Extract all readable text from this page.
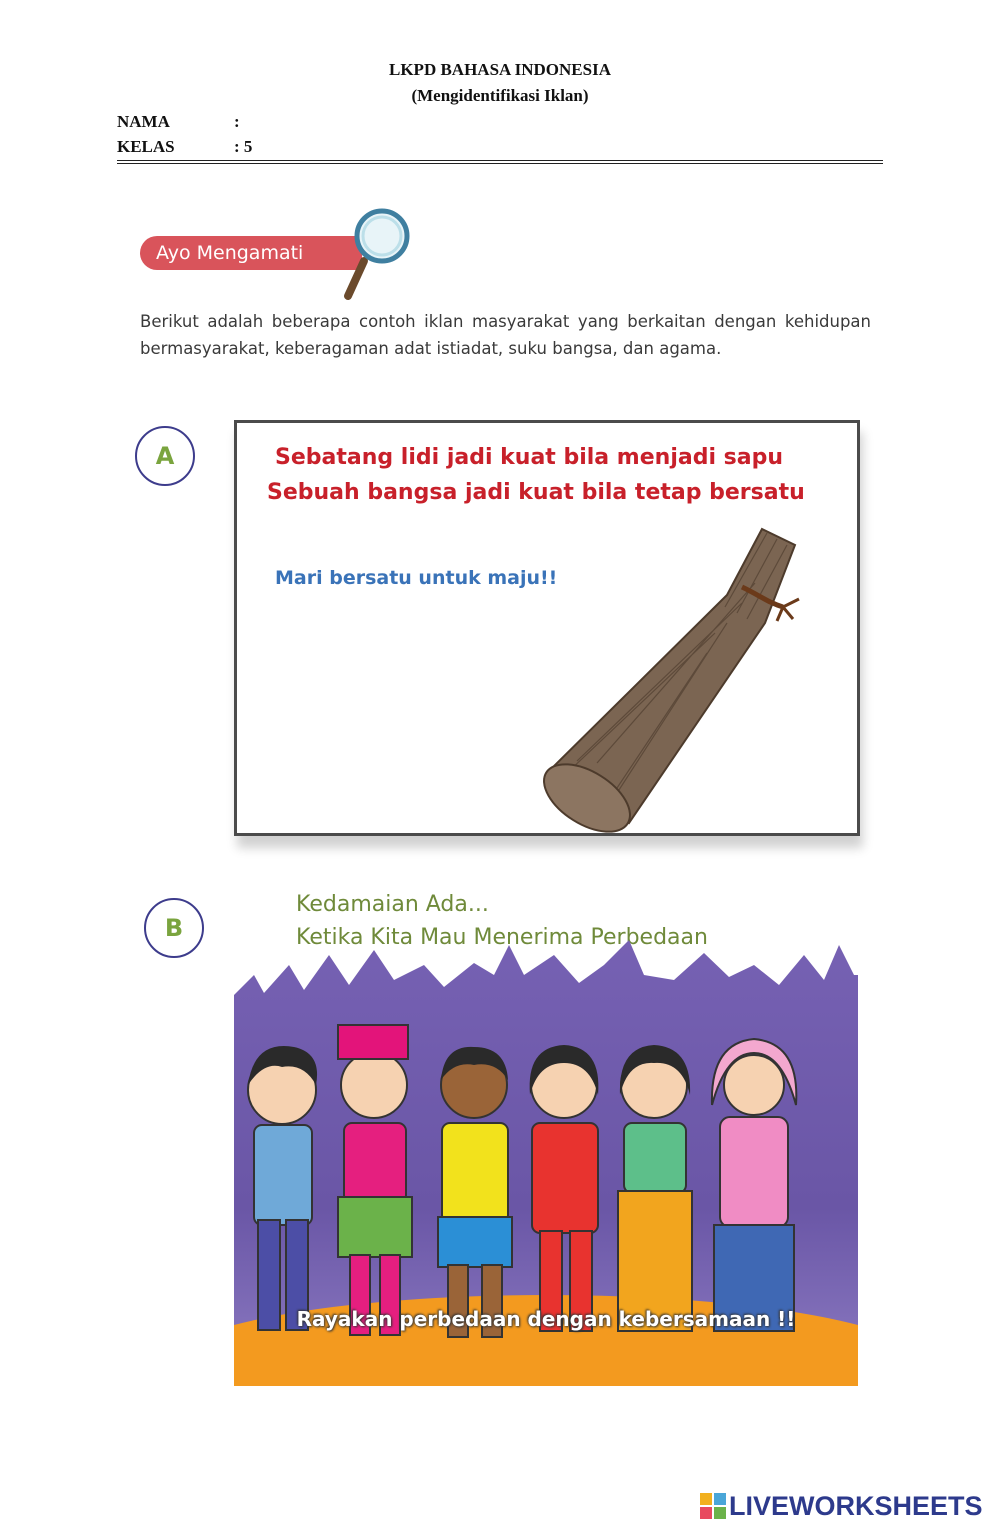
LKPD BAHASA INDONESIA
(Mengidentifikasi Iklan)
NAMA	:
KELAS	: 5
Ayo Mengamati
Berikut adalah beberapa contoh iklan masyarakat yang berkaitan dengan kehidupan bermasyarakat, keberagaman adat istiadat, suku bangsa, dan agama.
A	Sebatang lidi jadi kuat bila menjadi sapu
Sebuah bangsa jadi kuat bila tetap bersatu
Mari bersatu untuk maju!!
B
Kedamaian Ada...
Ketika Kita Mau Menerima Perbedaan
Rayakan perbedaan dengan kebersamaan !!
LIVEWORKSHEETS
